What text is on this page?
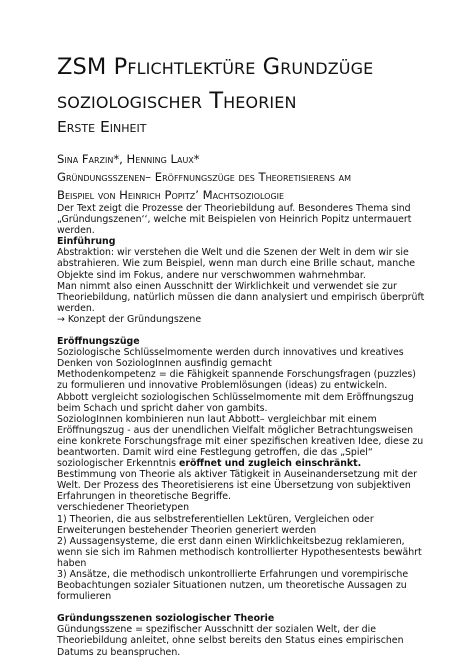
ZSM Pflichtlektüre Grundzüge
soziologischer Theorien
Erste Einheit
Sina Farzin*, Henning Laux*
Gründungsszenen– Eröffnungszüge des Theoretisierens am
Beispiel von Heinrich Popitz’ Machtsoziologie

Der Text zeigt die Prozesse der Theoriebildung auf. Besonderes Thema sind „Gründungszenen‘‘, welche mit Beispielen von Heinrich Popitz untermauert werden.

Einführung

Abstraktion: wir verstehen die Welt und die Szenen der Welt in dem wir sie abstrahieren. Wie zum Beispiel, wenn man durch eine Brille schaut, manche Objekte sind im Fokus, andere nur verschwommen wahrnehmbar.

Man nimmt also einen Ausschnitt der Wirklichkeit und verwendet sie zur Theoriebildung, natürlich müssen die dann analysiert und empirisch überprüft werden.

→ Konzept der Gründungszene

Eröffnungszüge

Soziologische Schlüsselmomente werden durch innovatives und kreatives Denken von SoziologInnen ausfindig gemacht

Methodenkompetenz = die Fähigkeit spannende Forschungsfragen (puzzles) zu formulieren und innovative Problemlösungen (ideas) zu entwickeln.

Abbott vergleicht soziologischen Schlüsselmomente mit dem Eröffnungszug beim Schach und spricht daher von gambits.

SoziologInnen kombinieren nun laut Abbott– vergleichbar mit einem Eröffnungszug - aus der unendlichen Vielfalt möglicher Betrachtungsweisen eine konkrete Forschungsfrage mit einer spezifischen kreativen Idee, diese zu beantworten. Damit wird eine Festlegung getroffen, die das „Spiel“ soziologischer Erkenntnis eröffnet und zugleich einschränkt.

Bestimmung von Theorie als aktiver Tätigkeit in Auseinandersetzung mit der Welt. Der Prozess des Theoretisierens ist eine Übersetzung von subjektiven Erfahrungen in theoretische Begriffe.

verschiedener Theorietypen

1) Theorien, die aus selbstreferentiellen Lektüren, Vergleichen oder Erweiterungen bestehender Theorien generiert werden

2) Aussagensysteme, die erst dann einen Wirklichkeitsbezug reklamieren, wenn sie sich im Rahmen methodisch kontrollierter Hypothesentests bewährt haben

3) Ansätze, die methodisch unkontrollierte Erfahrungen und vorempirische Beobachtungen sozialer Situationen nutzen, um theoretische Aussagen zu formulieren

Gründungsszenen soziologischer Theorie

Gündungsszene = spezifischer Ausschnitt der sozialen Welt, der die Theoriebildung anleitet, ohne selbst bereits den Status eines empirischen Datums zu beanspruchen.
